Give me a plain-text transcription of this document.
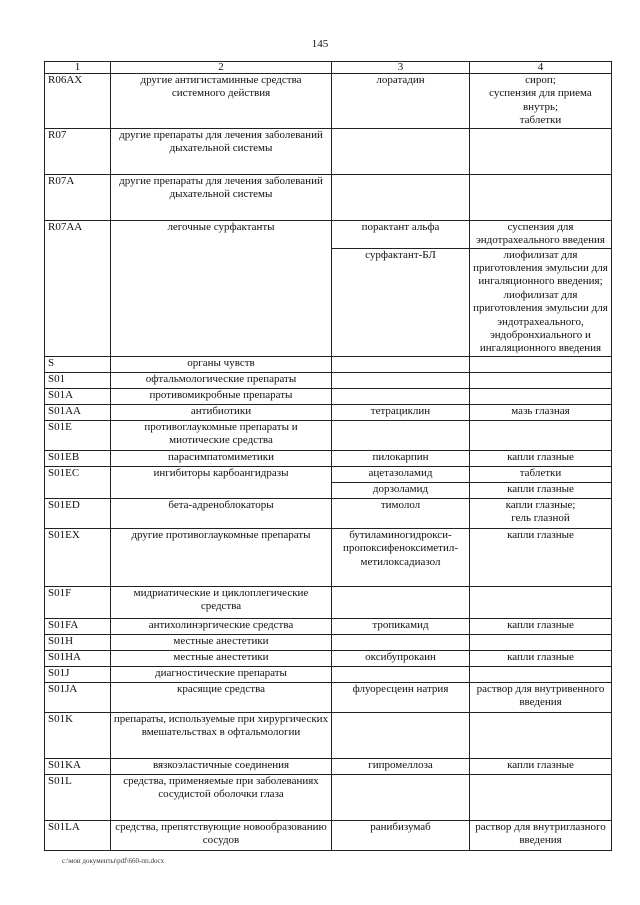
145
1	2	3	4
R06AX	другие антигистаминные средства системного действия	лоратадин	сироп;
суспензия для приема внутрь;
таблетки
R07	другие препараты для лечения заболеваний дыхательной системы		
R07A	другие препараты для лечения заболеваний дыхательной системы		
R07AA	легочные сурфактанты	порактант альфа	суспензия для эндотрахеального введения
		сурфактант-БЛ	лиофилизат для приготовления эмульсии для ингаляционного введения;
лиофилизат для приготовления эмульсии для эндотрахеального, эндобронхиального и ингаляционного введения
S	органы чувств		
S01	офтальмологические препараты		
S01A	противомикробные препараты		
S01AA	антибиотики	тетрациклин	мазь глазная
S01E	противоглаукомные препараты и миотические средства		
S01EB	парасимпатомиметики	пилокарпин	капли глазные
S01EC	ингибиторы карбоангидразы	ацетазоламид	таблетки
		дорзоламид	капли глазные
S01ED	бета-адреноблокаторы	тимолол	капли глазные;
гель глазной
S01EX	другие противоглаукомные препараты	бутиламиногидрокси-
пропоксифеноксиметил-
метилоксадиазол	капли глазные
S01F	мидриатические и циклоплегические средства		
S01FA	антихолинэргические средства	тропикамид	капли глазные
S01H	местные анестетики		
S01HA	местные анестетики	оксибупрокаин	капли глазные
S01J	диагностические препараты		
S01JA	красящие средства	флуоресцеин натрия	раствор для внутривенного введения
S01K	препараты, используемые при хирургических вмешательствах в офтальмологии		
S01KA	вязкоэластичные соединения	гипромеллоза	капли глазные
S01L	средства, применяемые при заболеваниях сосудистой оболочки глаза		
S01LA	средства, препятствующие новообразованию сосудов	ранибизумаб	раствор для внутриглазного введения
c:\мои документы\pdf\660-пп.docx
